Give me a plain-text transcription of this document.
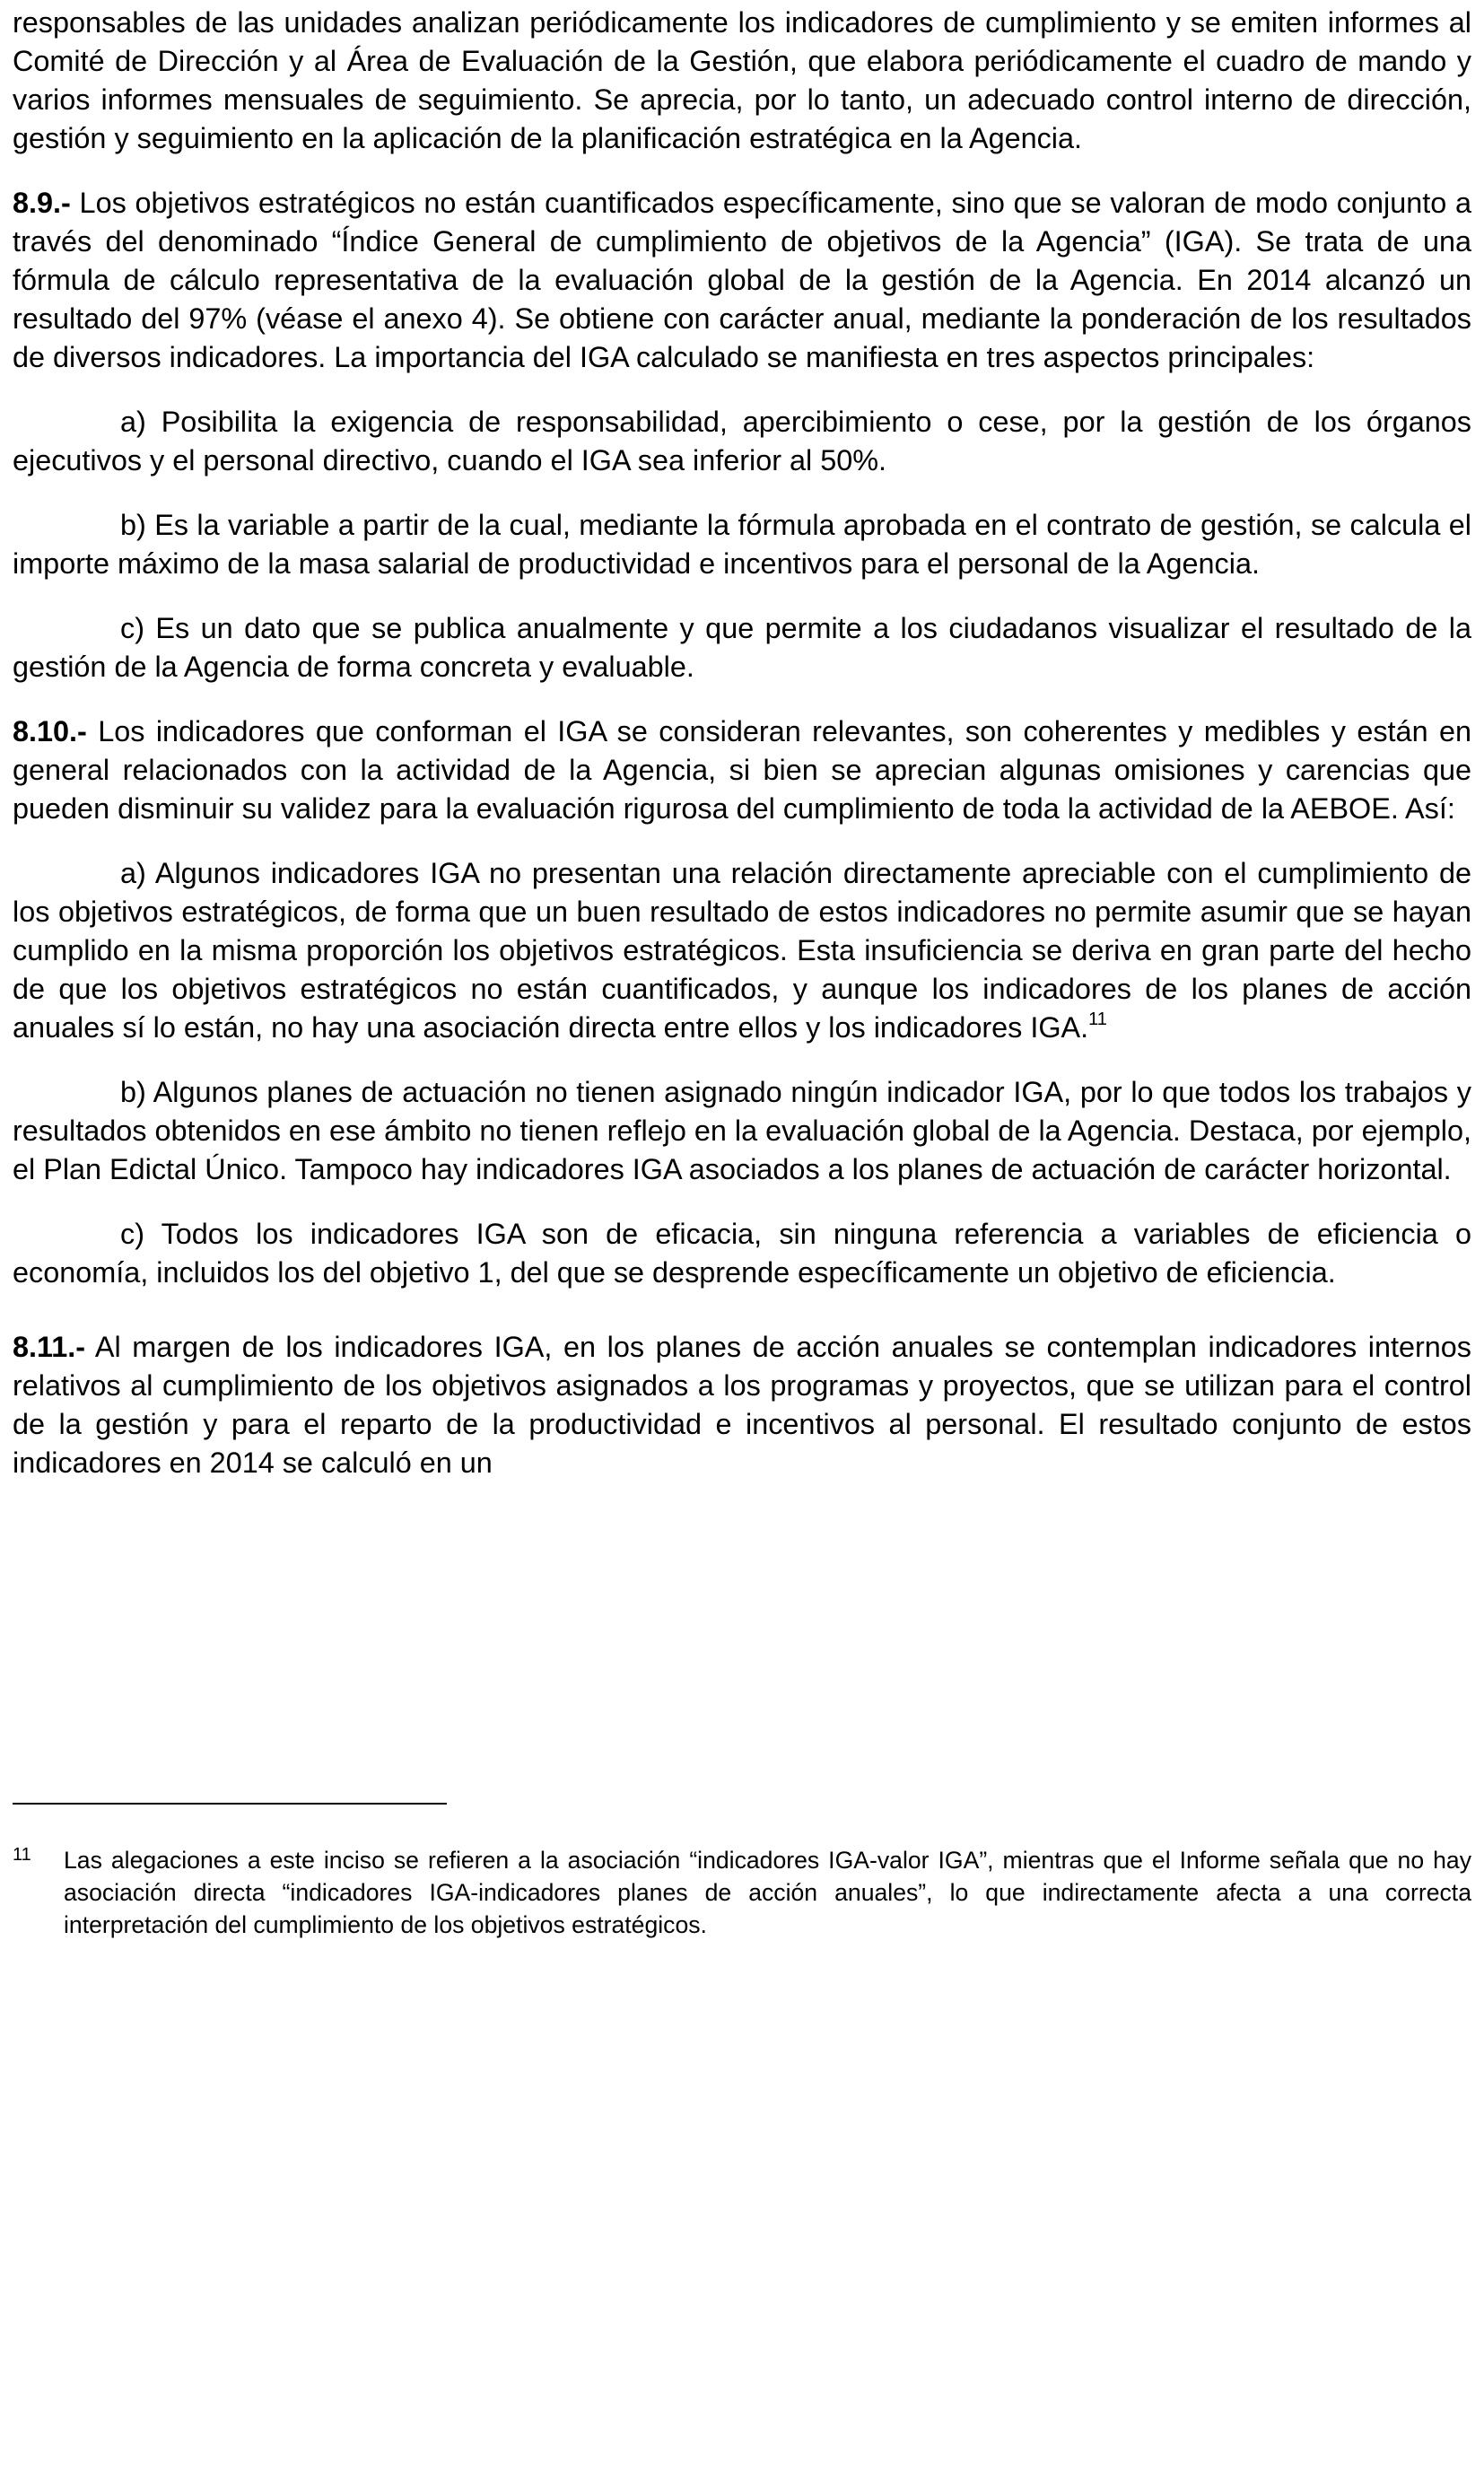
responsables de las unidades analizan periódicamente los indicadores de cumplimiento y se emiten informes al Comité de Dirección y al Área de Evaluación de la Gestión, que elabora periódicamente el cuadro de mando y varios informes mensuales de seguimiento. Se aprecia, por lo tanto, un adecuado control interno de dirección, gestión y seguimiento en la aplicación de la planificación estratégica en la Agencia.

8.9.- Los objetivos estratégicos no están cuantificados específicamente, sino que se valoran de modo conjunto a través del denominado “Índice General de cumplimiento de objetivos de la Agencia” (IGA). Se trata de una fórmula de cálculo representativa de la evaluación global de la gestión de la Agencia. En 2014 alcanzó un resultado del 97% (véase el anexo 4). Se obtiene con carácter anual, mediante la ponderación de los resultados de diversos indicadores. La importancia del IGA calculado se manifiesta en tres aspectos principales:

a) Posibilita la exigencia de responsabilidad, apercibimiento o cese, por la gestión de los órganos ejecutivos y el personal directivo, cuando el IGA sea inferior al 50%.

b) Es la variable a partir de la cual, mediante la fórmula aprobada en el contrato de gestión, se calcula el importe máximo de la masa salarial de productividad e incentivos para el personal de la Agencia.

c) Es un dato que se publica anualmente y que permite a los ciudadanos visualizar el resultado de la gestión de la Agencia de forma concreta y evaluable.

8.10.- Los indicadores que conforman el IGA se consideran relevantes, son coherentes y medibles y están en general relacionados con la actividad de la Agencia, si bien se aprecian algunas omisiones y carencias que pueden disminuir su validez para la evaluación rigurosa del cumplimiento de toda la actividad de la AEBOE. Así:

a) Algunos indicadores IGA no presentan una relación directamente apreciable con el cumplimiento de los objetivos estratégicos, de forma que un buen resultado de estos indicadores no permite asumir que se hayan cumplido en la misma proporción los objetivos estratégicos. Esta insuficiencia se deriva en gran parte del hecho de que los objetivos estratégicos no están cuantificados, y aunque los indicadores de los planes de acción anuales sí lo están, no hay una asociación directa entre ellos y los indicadores IGA.$^{11}$

b) Algunos planes de actuación no tienen asignado ningún indicador IGA, por lo que todos los trabajos y resultados obtenidos en ese ámbito no tienen reflejo en la evaluación global de la Agencia. Destaca, por ejemplo, el Plan Edictal Único. Tampoco hay indicadores IGA asociados a los planes de actuación de carácter horizontal.

c) Todos los indicadores IGA son de eficacia, sin ninguna referencia a variables de eficiencia o economía, incluidos los del objetivo 1, del que se desprende específicamente un objetivo de eficiencia.

8.11.- Al margen de los indicadores IGA, en los planes de acción anuales se contemplan indicadores internos relativos al cumplimiento de los objetivos asignados a los programas y proyectos, que se utilizan para el control de la gestión y para el reparto de la productividad e incentivos al personal. El resultado conjunto de estos indicadores en 2014 se calculó en un

11 Las alegaciones a este inciso se refieren a la asociación “indicadores IGA-valor IGA”, mientras que el Informe señala que no hay asociación directa “indicadores IGA-indicadores planes de acción anuales”, lo que indirectamente afecta a una correcta interpretación del cumplimiento de los objetivos estratégicos.
